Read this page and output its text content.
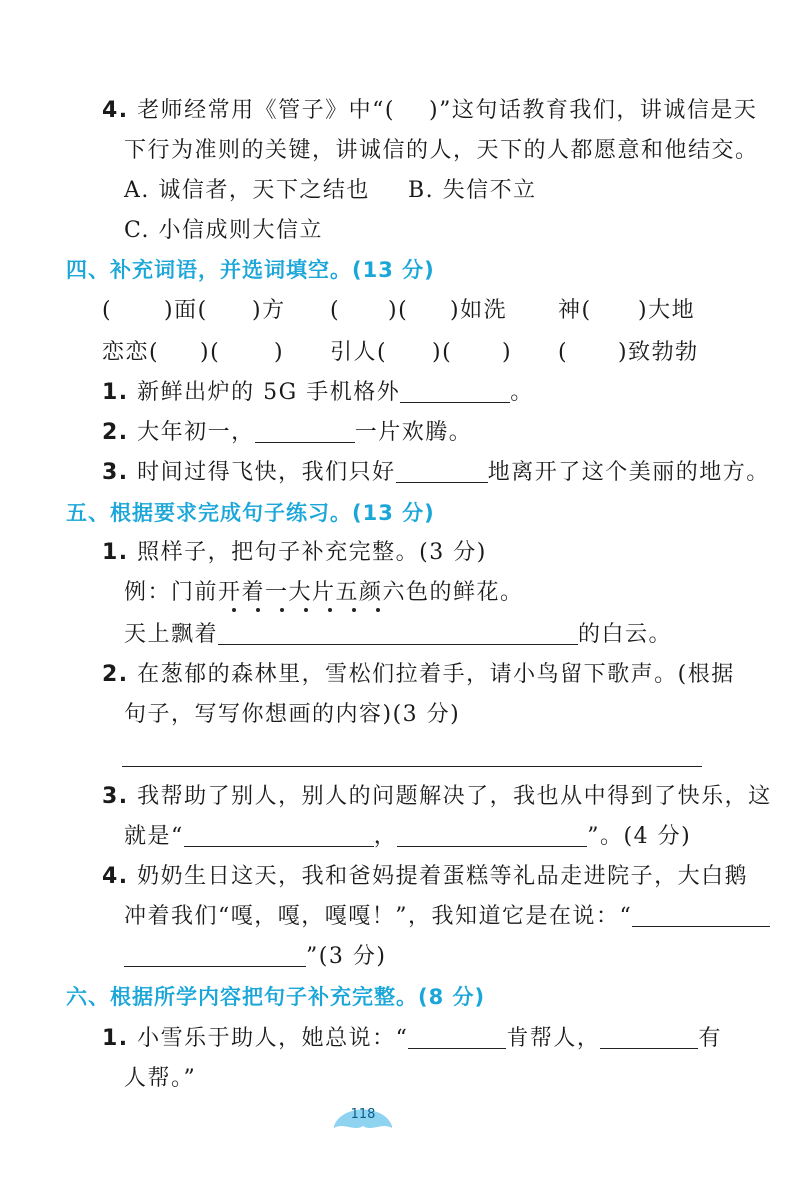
4. 老师经常用《管子》中“( )”这句话教育我们，讲诚信是天
下行为准则的关键，讲诚信的人，天下的人都愿意和他结交。
A. 诚信者，天下之结也	B. 失信不立
C. 小信成则大信立
四、补充词语，并选词填空。(13 分)
( )面( )方 ( )( )如洗 神( )大地
恋恋( )( ) 引人( )( ) ( )致勃勃
1. 新鲜出炉的 5G 手机格外	。
2. 大年初一，	一片欢腾。
3. 时间过得飞快，我们只好	地离开了这个美丽的地方。
五、根据要求完成句子练习。(13 分)
1. 照样子，把句子补充完整。(3 分)
例：门前开着一大片五颜六色的鲜花。
天上飘着	的白云。
2. 在葱郁的森林里，雪松们拉着手，请小鸟留下歌声。(根据
句子，写写你想画的内容)(3 分)
3. 我帮助了别人，别人的问题解决了，我也从中得到了快乐，这
就是“	，	”。(4 分)
4. 奶奶生日这天，我和爸妈提着蛋糕等礼品走进院子，大白鹅
冲着我们“嘎，嘎，嘎嘎！”，我知道它是在说：“
”(3 分)
六、根据所学内容把句子补充完整。(8 分)
1. 小雪乐于助人，她总说：“	肯帮人，	有
人帮。”
118
